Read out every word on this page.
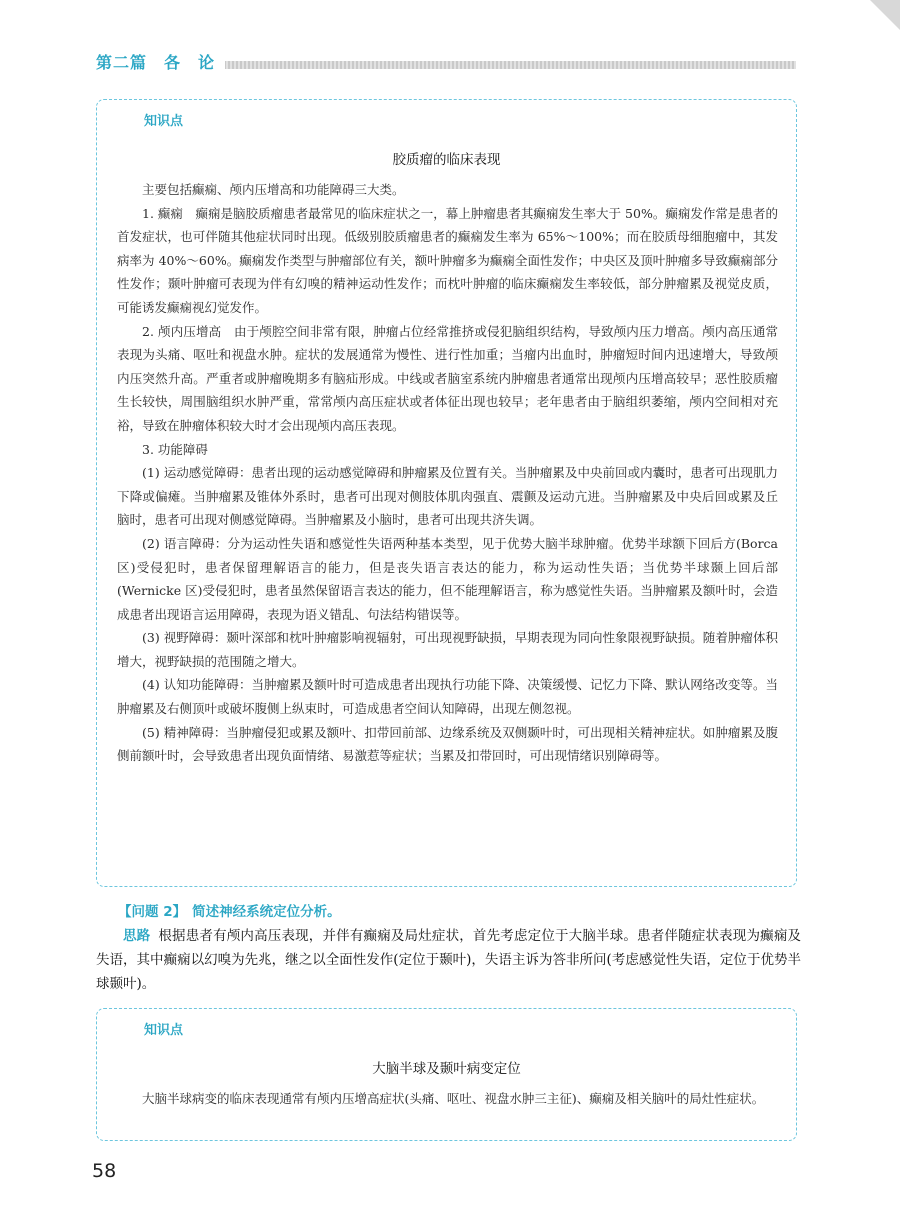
第二篇　各　论
知识点
胶质瘤的临床表现

主要包括癫痫、颅内压增高和功能障碍三大类。

1. 癫痫　癫痫是脑胶质瘤患者最常见的临床症状之一，幕上肿瘤患者其癫痫发生率大于 50%。癫痫发作常是患者的首发症状，也可伴随其他症状同时出现。低级别胶质瘤患者的癫痫发生率为 65%～100%；而在胶质母细胞瘤中，其发病率为 40%～60%。癫痫发作类型与肿瘤部位有关，额叶肿瘤多为癫痫全面性发作；中央区及顶叶肿瘤多导致癫痫部分性发作；颞叶肿瘤可表现为伴有幻嗅的精神运动性发作；而枕叶肿瘤的临床癫痫发生率较低，部分肿瘤累及视觉皮质，可能诱发癫痫视幻觉发作。

2. 颅内压增高　由于颅腔空间非常有限，肿瘤占位经常推挤或侵犯脑组织结构，导致颅内压力增高。颅内高压通常表现为头痛、呕吐和视盘水肿。症状的发展通常为慢性、进行性加重；当瘤内出血时，肿瘤短时间内迅速增大，导致颅内压突然升高。严重者或肿瘤晚期多有脑疝形成。中线或者脑室系统内肿瘤患者通常出现颅内压增高较早；恶性胶质瘤生长较快，周围脑组织水肿严重，常常颅内高压症状或者体征出现也较早；老年患者由于脑组织萎缩，颅内空间相对充裕，导致在肿瘤体积较大时才会出现颅内高压表现。

3. 功能障碍

(1) 运动感觉障碍：患者出现的运动感觉障碍和肿瘤累及位置有关。当肿瘤累及中央前回或内囊时，患者可出现肌力下降或偏瘫。当肿瘤累及锥体外系时，患者可出现对侧肢体肌肉强直、震颤及运动亢进。当肿瘤累及中央后回或累及丘脑时，患者可出现对侧感觉障碍。当肿瘤累及小脑时，患者可出现共济失调。

(2) 语言障碍：分为运动性失语和感觉性失语两种基本类型，见于优势大脑半球肿瘤。优势半球额下回后方(Borca 区)受侵犯时，患者保留理解语言的能力，但是丧失语言表达的能力，称为运动性失语；当优势半球颞上回后部(Wernicke 区)受侵犯时，患者虽然保留语言表达的能力，但不能理解语言，称为感觉性失语。当肿瘤累及额叶时，会造成患者出现语言运用障碍，表现为语义错乱、句法结构错误等。

(3) 视野障碍：颞叶深部和枕叶肿瘤影响视辐射，可出现视野缺损，早期表现为同向性象限视野缺损。随着肿瘤体积增大，视野缺损的范围随之增大。

(4) 认知功能障碍：当肿瘤累及额叶时可造成患者出现执行功能下降、决策缓慢、记忆力下降、默认网络改变等。当肿瘤累及右侧顶叶或破坏腹侧上纵束时，可造成患者空间认知障碍，出现左侧忽视。

(5) 精神障碍：当肿瘤侵犯或累及额叶、扣带回前部、边缘系统及双侧颞叶时，可出现相关精神症状。如肿瘤累及腹侧前额叶时，会导致患者出现负面情绪、易激惹等症状；当累及扣带回时，可出现情绪识别障碍等。

【问题 2】 简述神经系统定位分析。

思路 根据患者有颅内高压表现，并伴有癫痫及局灶症状，首先考虑定位于大脑半球。患者伴随症状表现为癫痫及失语，其中癫痫以幻嗅为先兆，继之以全面性发作(定位于颞叶)，失语主诉为答非所问(考虑感觉性失语，定位于优势半球颞叶)。

知识点
大脑半球及颞叶病变定位

大脑半球病变的临床表现通常有颅内压增高症状(头痛、呕吐、视盘水肿三主征)、癫痫及相关脑叶的局灶性症状。

58
